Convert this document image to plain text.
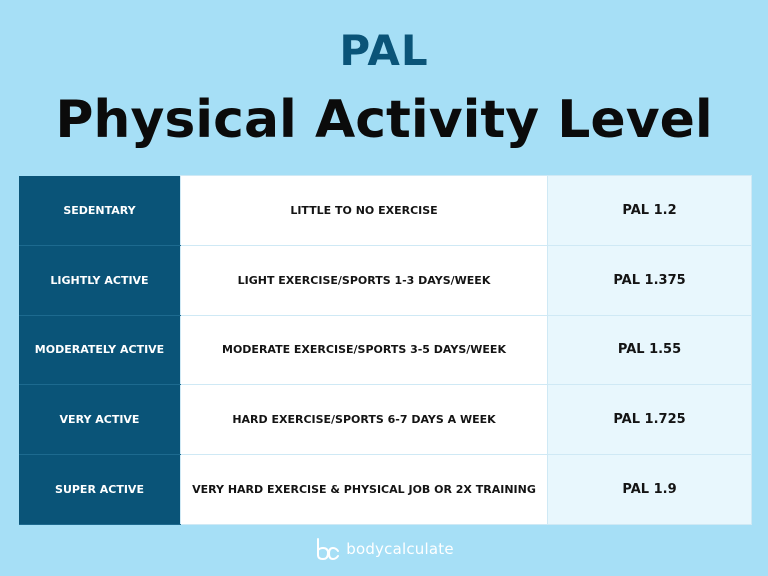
PAL
Physical Activity Level
SEDENTARY	LITTLE TO NO EXERCISE	PAL 1.2
LIGHTLY ACTIVE	LIGHT EXERCISE/SPORTS 1-3 DAYS/WEEK	PAL 1.375
MODERATELY ACTIVE	MODERATE EXERCISE/SPORTS 3-5 DAYS/WEEK	PAL 1.55
VERY ACTIVE	HARD EXERCISE/SPORTS 6-7 DAYS A WEEK	PAL 1.725
SUPER ACTIVE	VERY HARD EXERCISE & PHYSICAL JOB OR 2X TRAINING	PAL 1.9
bodycalculate
